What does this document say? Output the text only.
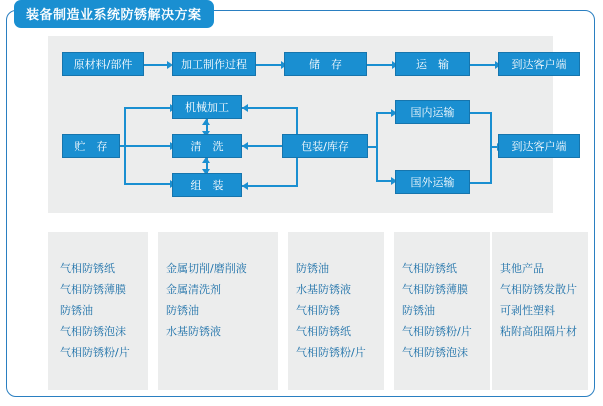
装备制造业系统防锈解决方案
原材料/部件	加工制作过程	储　存	运　输	到达客户端
机械加工	国内运输
贮　存	清　洗	包装/库存	到达客户端
组　装	国外运输
气相防锈纸
气相防锈薄膜
防锈油
气相防锈泡沫
气相防锈粉/片
金属切削/磨削液
金属清洗剂
防锈油
水基防锈液
防锈油
水基防锈液
气相防锈
气相防锈纸
气相防锈粉/片
气相防锈纸
气相防锈薄膜
防锈油
气相防锈粉/片
气相防锈泡沫
其他产品
气相防锈发散片
可剥性塑料
粘附高阻隔片材
